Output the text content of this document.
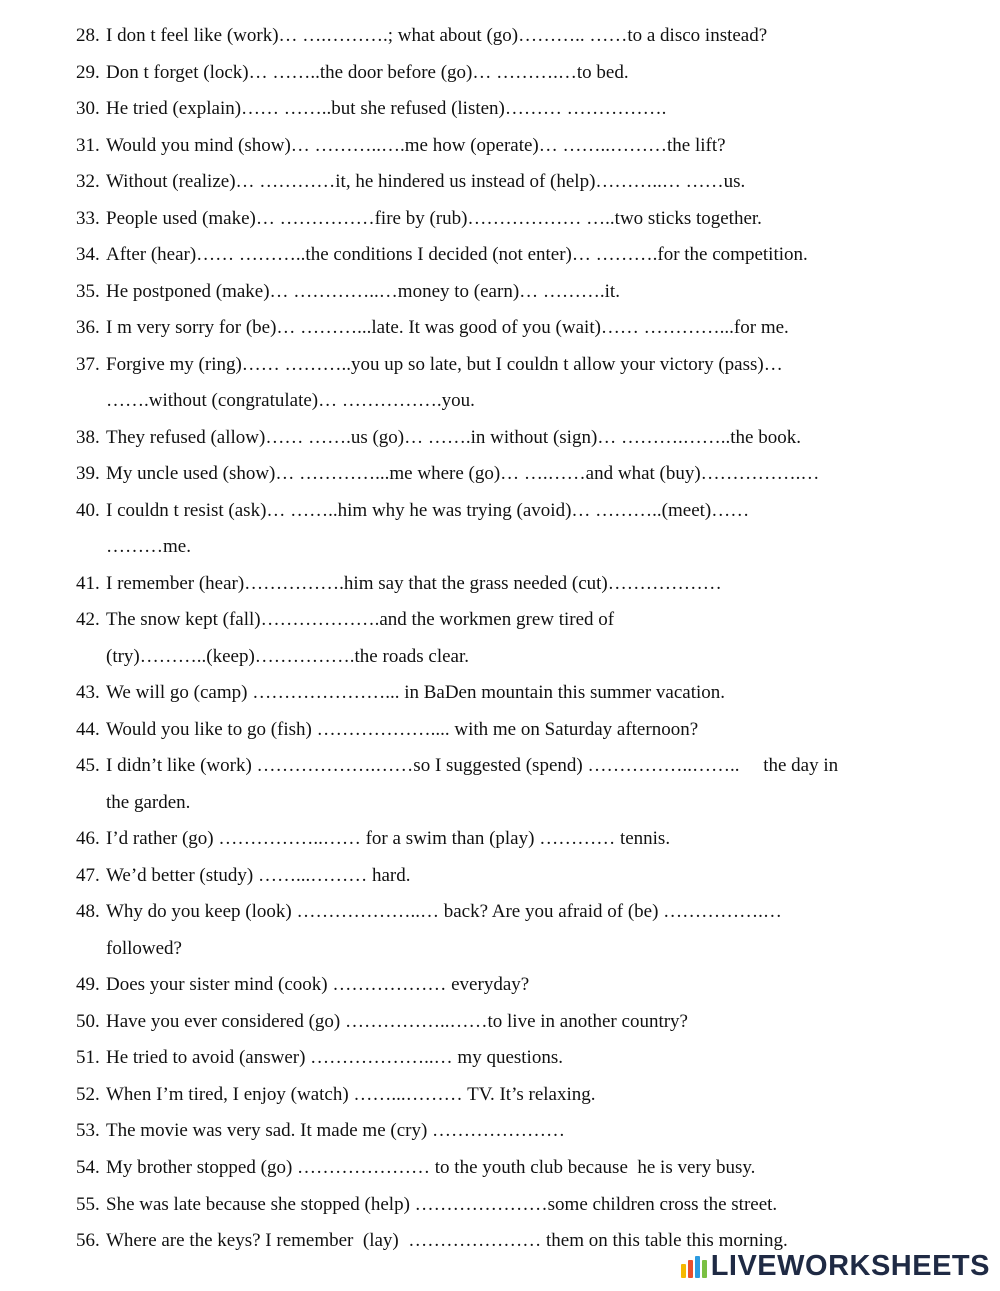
28. I don t feel like (work)… ….……….; what about (go)……….. ……to a disco instead?
29. Don t forget (lock)… ……..the door before (go)… ……….…to bed.
30. He tried (explain)…… ……..but she refused (listen)……… …………….
31. Would you mind (show)… ………..….me how (operate)… ……..………the lift?
32. Without (realize)… …………it, he hindered us instead of (help)………..… ……us.
33. People used (make)… ……………fire by (rub)……………… …..two sticks together.
34. After (hear)…… ………..the conditions I decided (not enter)… ……….for the competition.
35. He postponed (make)… …………..…money to (earn)… ……….it.
36. I m very sorry for (be)… ………...late. It was good of you (wait)…… …………...for me.
37. Forgive my (ring)…… ………..you up so late, but I couldn t allow your victory (pass)…
…….without (congratulate)… …………….you.
38. They refused (allow)…… …….us (go)… …….in without (sign)… ……….……..the book.
39. My uncle used (show)… …………...me where (go)… ….……and what (buy)…………….…
40. I couldn t resist (ask)… ……..him why he was trying (avoid)… ………..(meet)……
………me.
41. I remember (hear)…………….him say that the grass needed (cut)………………
42. The snow kept (fall)……………….and the workmen grew tired of
(try)………..(keep)…………….the roads clear.
43. We will go (camp) …………………... in BaDen mountain this summer vacation.
44. Would you like to go (fish) ……………….... with me on Saturday afternoon?
45. I didn’t like (work) ……………….……so I suggested (spend) ……………..……..     the day in
the garden.
46. I’d rather (go) ……………..…… for a swim than (play) ………… tennis.
47. We’d better (study) ……...……… hard.
48. Why do you keep (look) ………………..… back? Are you afraid of (be) …………….…
followed?
49. Does your sister mind (cook) ……………… everyday?
50. Have you ever considered (go) ……………..……to live in another country?
51. He tried to avoid (answer) ………………..… my questions.
52. When I’m tired, I enjoy (watch) ……...……… TV. It’s relaxing.
53. The movie was very sad. It made me (cry) …………………
54. My brother stopped (go) ………………… to the youth club because  he is very busy.
55. She was late because she stopped (help) …………………some children cross the street.
56. Where are the keys? I remember  (lay)  ………………… them on this table this morning.
LIVEWORKSHEETS
